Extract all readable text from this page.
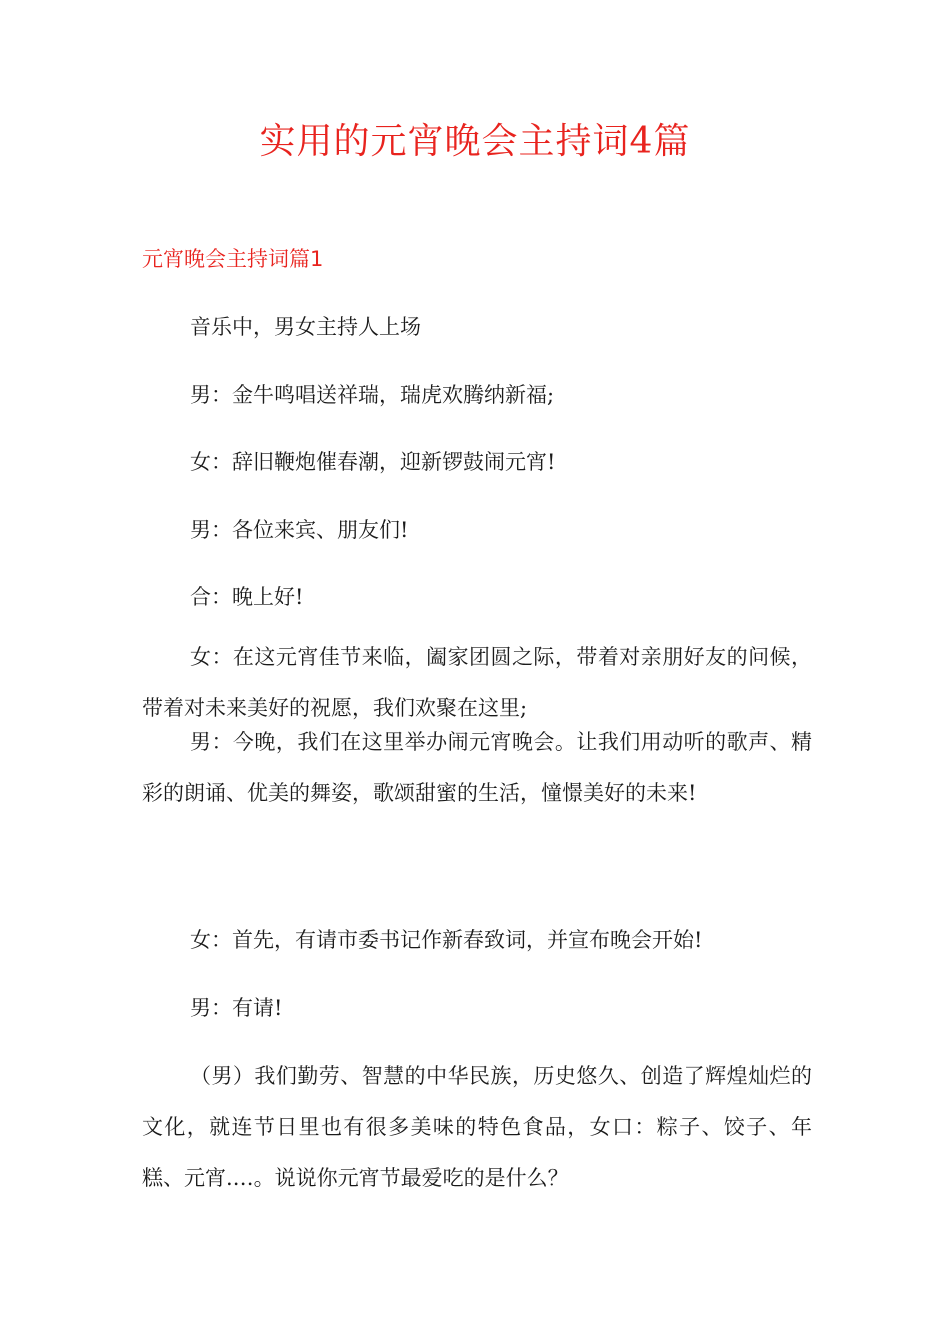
实用的元宵晚会主持词4篇
元宵晚会主持词篇1

音乐中，男女主持人上场

男：金牛鸣唱送祥瑞，瑞虎欢腾纳新福;

女：辞旧鞭炮催春潮，迎新锣鼓闹元宵!

男：各位来宾、朋友们!

合：晚上好!

女：在这元宵佳节来临，阖家团圆之际，带着对亲朋好友的问候，带着对未来美好的祝愿，我们欢聚在这里;

男：今晚，我们在这里举办闹元宵晚会。让我们用动听的歌声、精彩的朗诵、优美的舞姿，歌颂甜蜜的生活，憧憬美好的未来!

女：首先，有请市委书记作新春致词，并宣布晚会开始!

男：有请!

（男）我们勤劳、智慧的中华民族，历史悠久、创造了辉煌灿烂的文化，就连节日里也有很多美味的特色食品，女口：粽子、饺子、年糕、元宵.…。说说你元宵节最爱吃的是什么？
